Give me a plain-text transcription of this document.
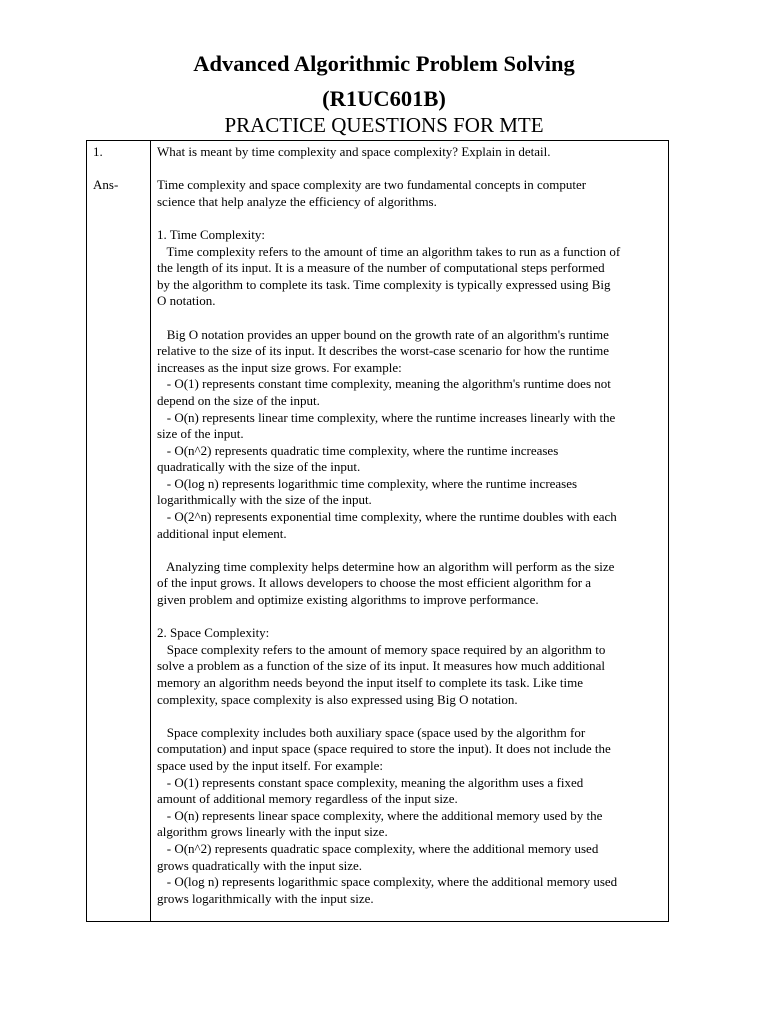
Advanced Algorithmic Problem Solving
(R1UC601B)
PRACTICE QUESTIONS FOR MTE
1.
Ans-
What is meant by time complexity and space complexity? Explain in detail.
Time complexity and space complexity are two fundamental concepts in computer
science that help analyze the efficiency of algorithms.
1. Time Complexity:
Time complexity refers to the amount of time an algorithm takes to run as a function of
the length of its input. It is a measure of the number of computational steps performed
by the algorithm to complete its task. Time complexity is typically expressed using Big
O notation.
Big O notation provides an upper bound on the growth rate of an algorithm's runtime
relative to the size of its input. It describes the worst-case scenario for how the runtime
increases as the input size grows. For example:
- O(1) represents constant time complexity, meaning the algorithm's runtime does not
depend on the size of the input.
- O(n) represents linear time complexity, where the runtime increases linearly with the
size of the input.
- O(n^2) represents quadratic time complexity, where the runtime increases
quadratically with the size of the input.
- O(log n) represents logarithmic time complexity, where the runtime increases
logarithmically with the size of the input.
- O(2^n) represents exponential time complexity, where the runtime doubles with each
additional input element.
Analyzing time complexity helps determine how an algorithm will perform as the size
of the input grows. It allows developers to choose the most efficient algorithm for a
given problem and optimize existing algorithms to improve performance.
2. Space Complexity:
Space complexity refers to the amount of memory space required by an algorithm to
solve a problem as a function of the size of its input. It measures how much additional
memory an algorithm needs beyond the input itself to complete its task. Like time
complexity, space complexity is also expressed using Big O notation.
Space complexity includes both auxiliary space (space used by the algorithm for
computation) and input space (space required to store the input). It does not include the
space used by the input itself. For example:
- O(1) represents constant space complexity, meaning the algorithm uses a fixed
amount of additional memory regardless of the input size.
- O(n) represents linear space complexity, where the additional memory used by the
algorithm grows linearly with the input size.
- O(n^2) represents quadratic space complexity, where the additional memory used
grows quadratically with the input size.
- O(log n) represents logarithmic space complexity, where the additional memory used
grows logarithmically with the input size.
